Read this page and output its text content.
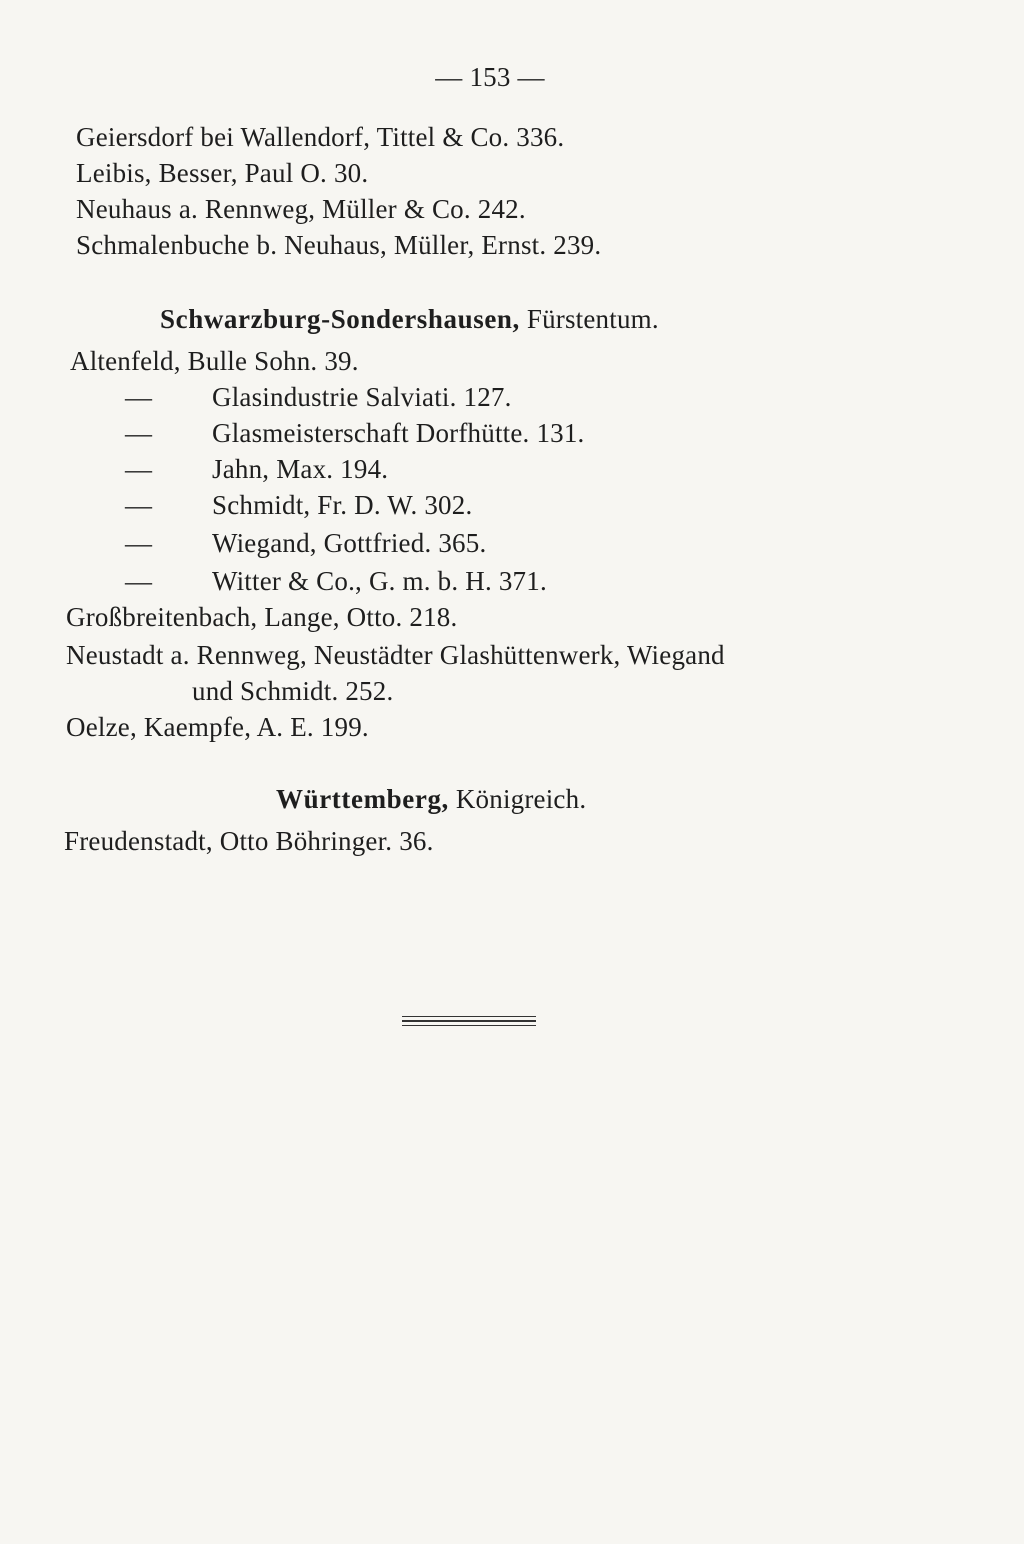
— 153 —
Geiersdorf bei Wallendorf, Tittel & Co. 336.
Leibis, Besser, Paul O. 30.
Neuhaus a. Rennweg, Müller & Co. 242.
Schmalenbuche b. Neuhaus, Müller, Ernst. 239.
Schwarzburg-Sondershausen, Fürstentum.
Altenfeld, Bulle Sohn. 39.
— Glasindustrie Salviati. 127.
— Glasmeisterschaft Dorfhütte. 131.
— Jahn, Max. 194.
— Schmidt, Fr. D. W. 302.
— Wiegand, Gottfried. 365.
— Witter & Co., G. m. b. H. 371.
Großbreitenbach, Lange, Otto. 218.
Neustadt a. Rennweg, Neustädter Glashüttenwerk, Wiegand
und Schmidt. 252.
Oelze, Kaempfe, A. E. 199.
Württemberg, Königreich.
Freudenstadt, Otto Böhringer. 36.
